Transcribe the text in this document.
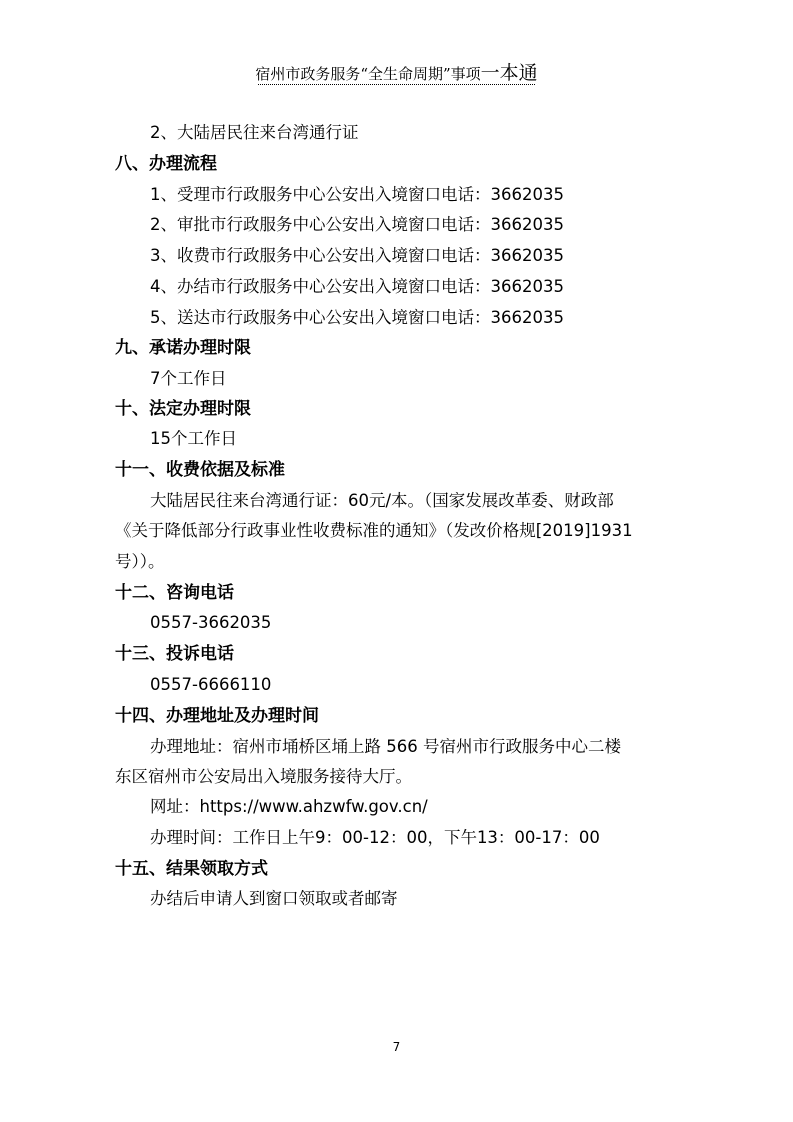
宿州市政务服务“全生命周期”事项一本通
2、大陆居民往来台湾通行证
八、办理流程
1、受理市行政服务中心公安出入境窗口电话：3662035
2、审批市行政服务中心公安出入境窗口电话：3662035
3、收费市行政服务中心公安出入境窗口电话：3662035
4、办结市行政服务中心公安出入境窗口电话：3662035
5、送达市行政服务中心公安出入境窗口电话：3662035
九、承诺办理时限
7个工作日
十、法定办理时限
15个工作日
十一、收费依据及标准
大陆居民往来台湾通行证：60元/本。（国家发展改革委、财政部
《关于降低部分行政事业性收费标准的通知》（发改价格规[2019]1931
号））。
十二、咨询电话
0557-3662035
十三、投诉电话
0557-6666110
十四、办理地址及办理时间
办理地址：宿州市埇桥区埇上路 566 号宿州市行政服务中心二楼
东区宿州市公安局出入境服务接待大厅。
网址：https://www.ahzwfw.gov.cn/
办理时间：工作日上午9：00-12：00，下午13：00-17：00
十五、结果领取方式
办结后申请人到窗口领取或者邮寄
7
